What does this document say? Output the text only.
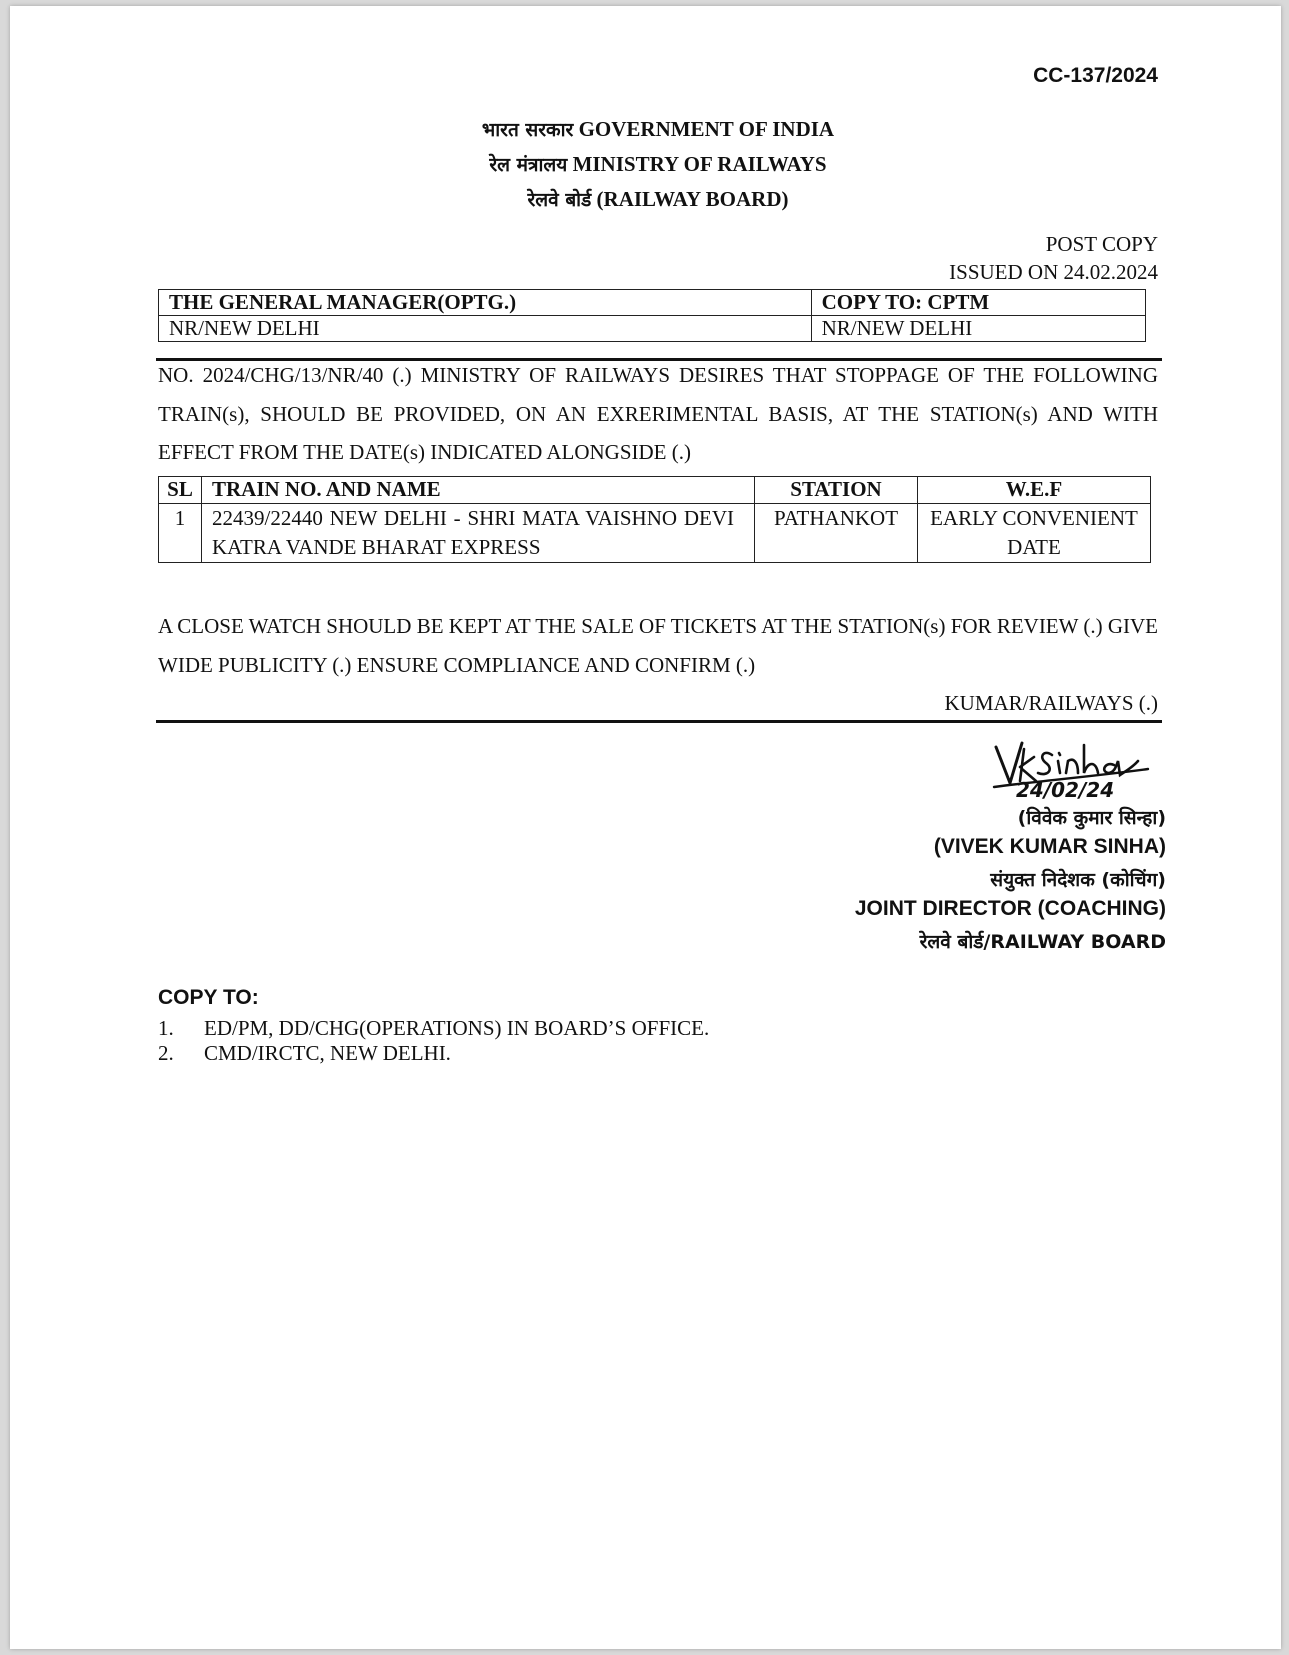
CC-137/2024
भारत सरकार GOVERNMENT OF INDIA
रेल मंत्रालय MINISTRY OF RAILWAYS
रेलवे बोर्ड (RAILWAY BOARD)
POST COPY
ISSUED ON 24.02.2024
THE GENERAL MANAGER(OPTG.)	COPY TO: CPTM
NR/NEW DELHI	NR/NEW DELHI
NO. 2024/CHG/13/NR/40 (.) MINISTRY OF RAILWAYS DESIRES THAT STOPPAGE OF THE FOLLOWING TRAIN(s), SHOULD BE PROVIDED, ON AN EXRERIMENTAL BASIS, AT THE STATION(s) AND WITH EFFECT FROM THE DATE(s) INDICATED ALONGSIDE (.)
SL	TRAIN NO. AND NAME	STATION	W.E.F
1	22439/22440 NEW DELHI - SHRI MATA VAISHNO DEVI KATRA VANDE BHARAT EXPRESS	PATHANKOT	EARLY CONVENIENT DATE
A CLOSE WATCH SHOULD BE KEPT AT THE SALE OF TICKETS AT THE STATION(s) FOR REVIEW (.) GIVE WIDE PUBLICITY (.) ENSURE COMPLIANCE AND CONFIRM (.)
KUMAR/RAILWAYS (.)
24/02/24
(विवेक कुमार सिन्हा)
(VIVEK KUMAR SINHA)
संयुक्त निदेशक (कोचिंग)
JOINT DIRECTOR (COACHING)
रेलवे बोर्ड/RAILWAY BOARD
COPY TO:
1. ED/PM, DD/CHG(OPERATIONS) IN BOARD’S OFFICE.
2. CMD/IRCTC, NEW DELHI.
